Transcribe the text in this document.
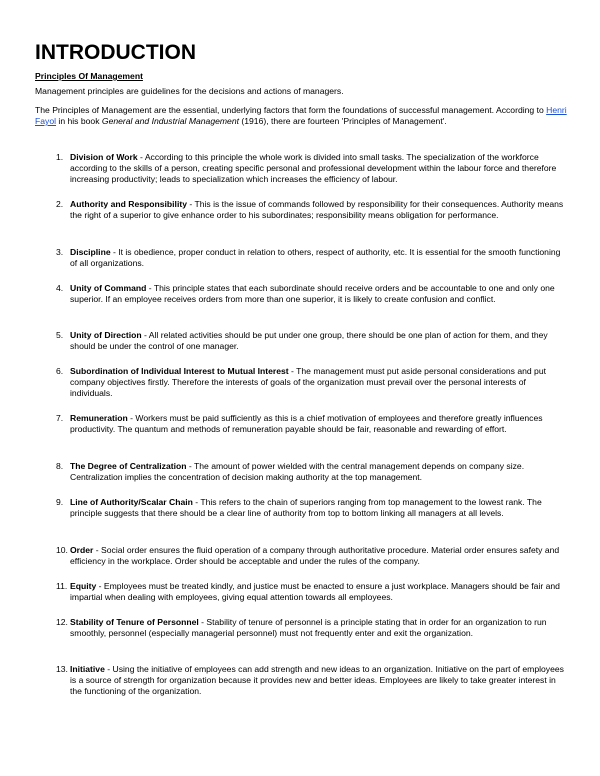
INTRODUCTION

Principles Of Management

Management principles are guidelines for the decisions and actions of managers.

The Principles of Management are the essential, underlying factors that form the foundations of successful management. According to Henri Fayol in his book General and Industrial Management (1916), there are fourteen 'Principles of Management'.

1. Division of Work - According to this principle the whole work is divided into small tasks. The specialization of the workforce according to the skills of a person, creating specific personal and professional development within the labour force and therefore increasing productivity; leads to specialization which increases the efficiency of labour.
2. Authority and Responsibility - This is the issue of commands followed by responsibility for their consequences. Authority means the right of a superior to give enhance order to his subordinates; responsibility means obligation for performance.
3. Discipline - It is obedience, proper conduct in relation to others, respect of authority, etc. It is essential for the smooth functioning of all organizations.
4. Unity of Command - This principle states that each subordinate should receive orders and be accountable to one and only one superior. If an employee receives orders from more than one superior, it is likely to create confusion and conflict.
5. Unity of Direction - All related activities should be put under one group, there should be one plan of action for them, and they should be under the control of one manager.
6. Subordination of Individual Interest to Mutual Interest - The management must put aside personal considerations and put company objectives firstly. Therefore the interests of goals of the organization must prevail over the personal interests of individuals.
7. Remuneration - Workers must be paid sufficiently as this is a chief motivation of employees and therefore greatly influences productivity. The quantum and methods of remuneration payable should be fair, reasonable and rewarding of effort.
8. The Degree of Centralization - The amount of power wielded with the central management depends on company size. Centralization implies the concentration of decision making authority at the top management.
9. Line of Authority/Scalar Chain - This refers to the chain of superiors ranging from top management to the lowest rank. The principle suggests that there should be a clear line of authority from top to bottom linking all managers at all levels.
10. Order - Social order ensures the fluid operation of a company through authoritative procedure. Material order ensures safety and efficiency in the workplace. Order should be acceptable and under the rules of the company.
11. Equity - Employees must be treated kindly, and justice must be enacted to ensure a just workplace. Managers should be fair and impartial when dealing with employees, giving equal attention towards all employees.
12. Stability of Tenure of Personnel - Stability of tenure of personnel is a principle stating that in order for an organization to run smoothly, personnel (especially managerial personnel) must not frequently enter and exit the organization.
13. Initiative - Using the initiative of employees can add strength and new ideas to an organization. Initiative on the part of employees is a source of strength for organization because it provides new and better ideas. Employees are likely to take greater interest in the functioning of the organization.
